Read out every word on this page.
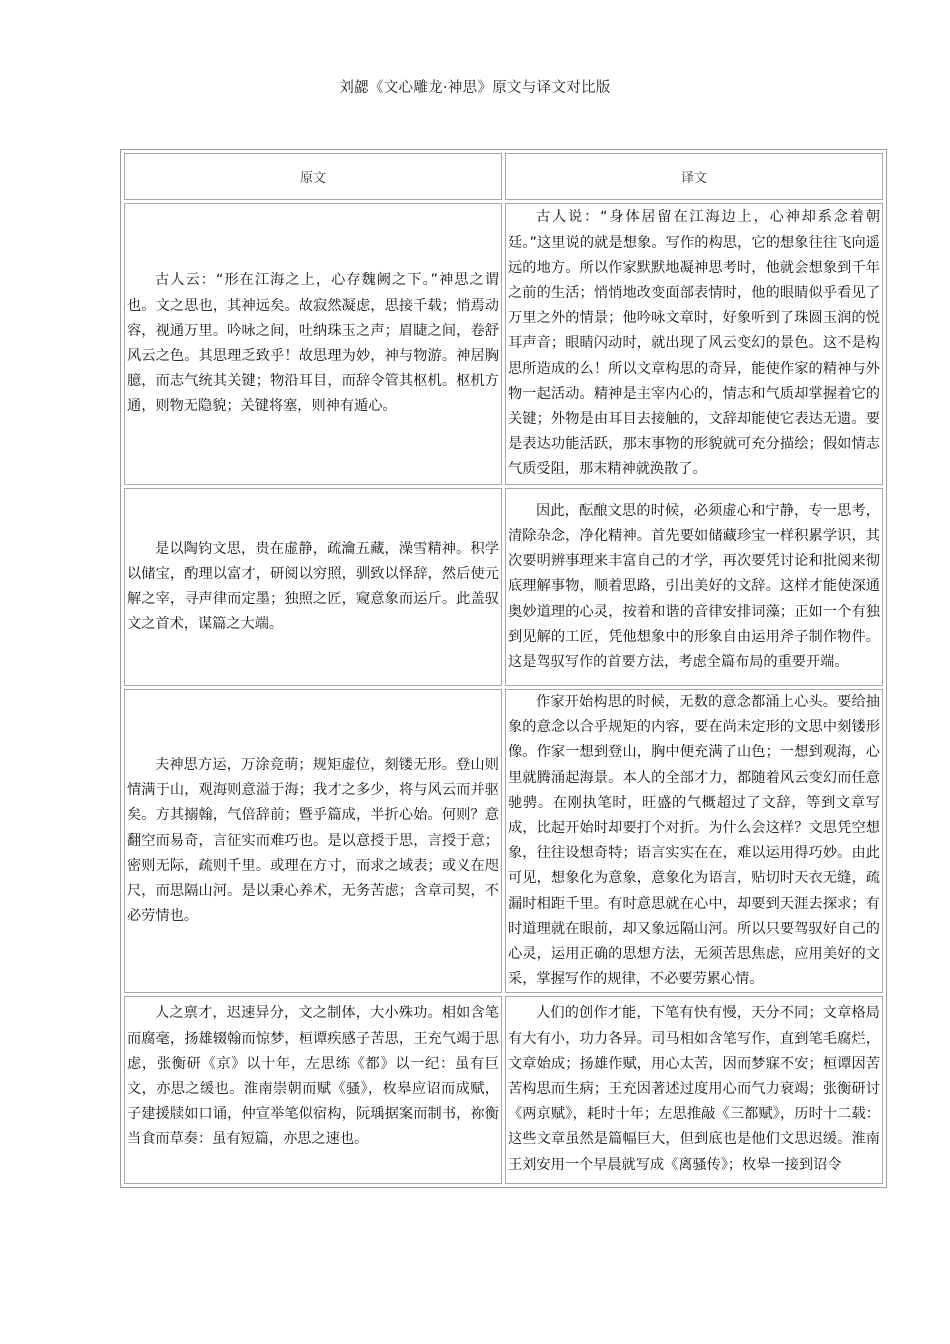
刘勰《文心雕龙·神思》原文与译文对比版
原文	译文

古人云：“形在江海之上，心存魏阙之下。”神思之谓也。文之思也，其神远矣。故寂然凝虑，思接千载；悄焉动容，视通万里。吟咏之间，吐纳珠玉之声；眉睫之间，卷舒风云之色。其思理乏致乎！故思理为妙，神与物游。神居胸臆，而志气统其关键；物沿耳目，而辞令管其枢机。枢机方通，则物无隐貌；关键将塞，则神有遁心。	古人说：“身体居留在江海边上，心神却系念着朝廷。”这里说的就是想象。写作的构思，它的想象往往飞向遥远的地方。所以作家默默地凝神思考时，他就会想象到千年之前的生活；悄悄地改变面部表情时，他的眼睛似乎看见了万里之外的情景；他吟咏文章时，好象听到了珠圆玉润的悦耳声音；眼睛闪动时，就出现了风云变幻的景色。这不是构思所造成的么！所以文章构思的奇异，能使作家的精神与外物一起活动。精神是主宰内心的，情志和气质却掌握着它的关键；外物是由耳目去接触的，文辞却能使它表达无遗。要是表达功能活跃，那末事物的形貌就可充分描绘；假如情志气质受阻，那末精神就涣散了。

是以陶钧文思，贵在虚静，疏瀹五藏，澡雪精神。积学以储宝，酌理以富才，研阅以穷照，驯致以怿辞，然后使元解之宰，寻声律而定墨；独照之匠，窥意象而运斤。此盖驭文之首术，谋篇之大端。	因此，酝酿文思的时候，必须虚心和宁静，专一思考，清除杂念，净化精神。首先要如储藏珍宝一样积累学识，其次要明辨事理来丰富自己的才学，再次要凭讨论和批阅来彻底理解事物，顺着思路，引出美好的文辞。这样才能使深通奥妙道理的心灵，按着和谐的音律安排词藻；正如一个有独到见解的工匠，凭他想象中的形象自由运用斧子制作物件。这是驾驭写作的首要方法，考虑全篇布局的重要开端。

夫神思方运，万涂竞萌；规矩虚位，刻镂无形。登山则情满于山，观海则意溢于海；我才之多少，将与风云而并驱矣。方其搦翰，气倍辞前；暨乎篇成，半折心始。何则？意翻空而易奇，言征实而难巧也。是以意授于思，言授于意；密则无际，疏则千里。或理在方寸，而求之域表；或义在咫尺，而思隔山河。是以秉心养术，无务苦虑；含章司契，不必劳情也。	作家开始构思的时候，无数的意念都涌上心头。要给抽象的意念以合乎规矩的内容，要在尚未定形的文思中刻镂形像。作家一想到登山，胸中便充满了山色；一想到观海，心里就腾涌起海景。本人的全部才力，都随着风云变幻而任意驰骋。在刚执笔时，旺盛的气概超过了文辞，等到文章写成，比起开始时却要打个对折。为什么会这样？文思凭空想象，往往设想奇特；语言实实在在，难以运用得巧妙。由此可见，想象化为意象，意象化为语言，贴切时天衣无缝，疏漏时相距千里。有时意思就在心中，却要到天涯去探求；有时道理就在眼前，却又象远隔山河。所以只要驾驭好自己的心灵，运用正确的思想方法，无须苦思焦虑，应用美好的文采，掌握写作的规律，不必要劳累心情。

人之禀才，迟速异分，文之制体，大小殊功。相如含笔而腐毫，扬雄辍翰而惊梦，桓谭疾感子苦思，王充气竭于思虑，张衡研《京》以十年，左思练《都》以一纪：虽有巨文，亦思之缓也。淮南崇朝而赋《骚》，枚皋应诏而成赋，子建援牍如口诵，仲宣举笔似宿构，阮瑀据案而制书，祢衡当食而草奏：虽有短篇，亦思之速也。	人们的创作才能，下笔有快有慢，天分不同；文章格局有大有小，功力各异。司马相如含笔写作，直到笔毛腐烂，文章始成；扬雄作赋，用心太苦，因而梦寐不安；桓谭因苦苦构思而生病；王充因著述过度用心而气力衰竭；张衡研讨《两京赋》，耗时十年；左思推敲《三都赋》，历时十二载：这些文章虽然是篇幅巨大，但到底也是他们文思迟缓。淮南王刘安用一个早晨就写成《离骚传》；枚皋一接到诏令
